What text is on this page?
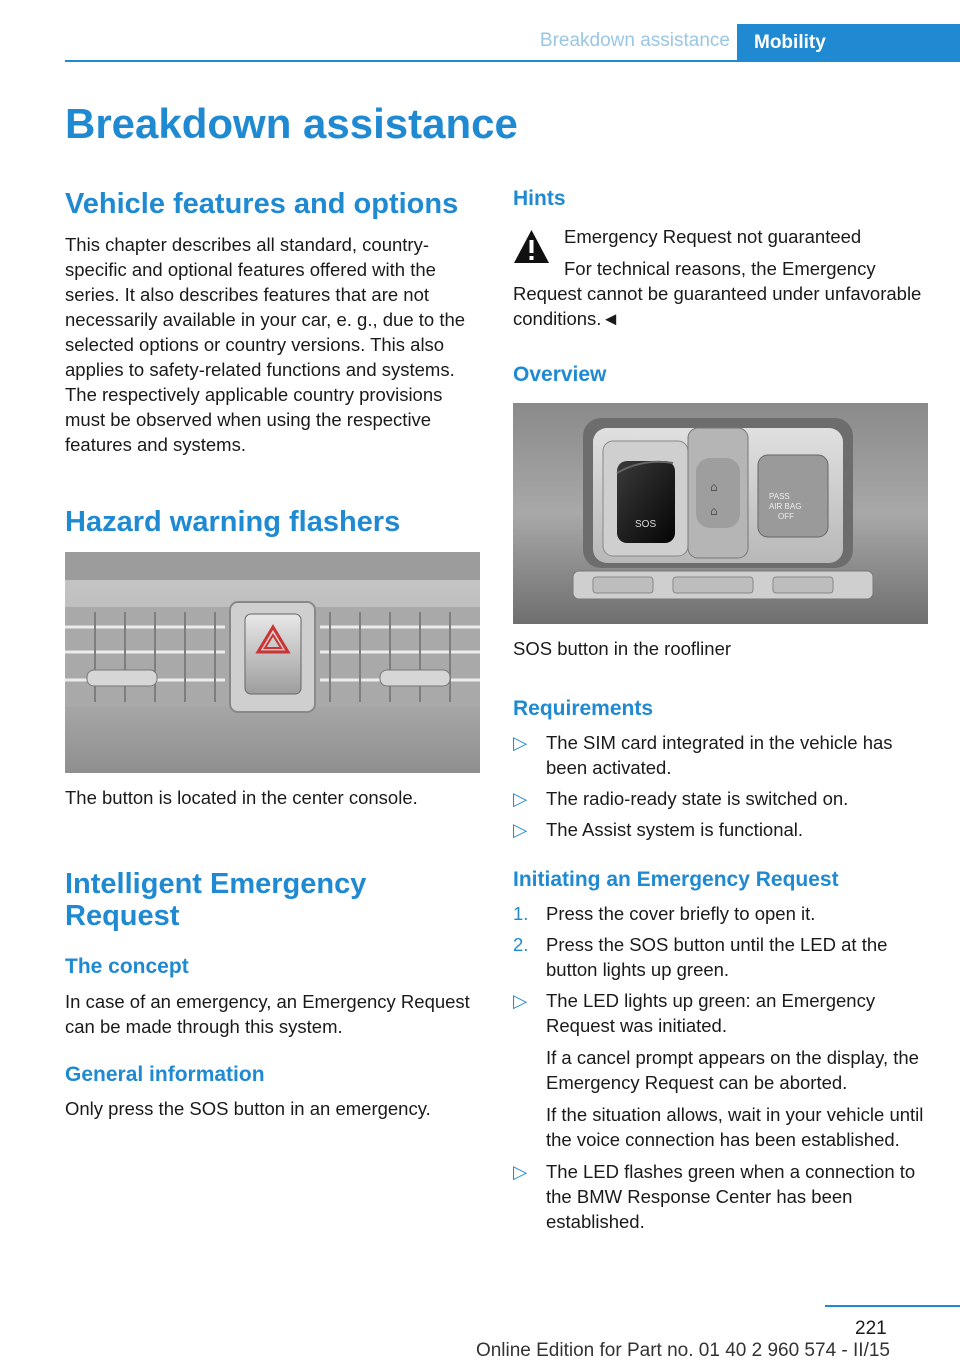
Breakdown assistance	Mobility
Breakdown assistance
Vehicle features and options

This chapter describes all standard, country-specific and optional features offered with the series. It also describes features that are not necessarily available in your car, e. g., due to the selected options or country versions. This also applies to safety-related functions and systems. The respectively applicable country provisions must be observed when using the respective features and systems.

Hazard warning flashers

The button is located in the center console.

Intelligent Emergency Request
The concept

In case of an emergency, an Emergency Request can be made through this system.

General information

Only press the SOS button in an emergency.

Hints

Emergency Request not guaranteed

For technical reasons, the Emergency Request cannot be guaranteed under unfavorable conditions.◄

Overview
SOS
⌂
⌂
PASS
AIR BAG
OFF

SOS button in the roofliner

Requirements
▷ The SIM card integrated in the vehicle has been activated.
▷ The radio-ready state is switched on.
▷ The Assist system is functional.
Initiating an Emergency Request
1. Press the cover briefly to open it.
2. Press the SOS button until the LED at the button lights up green.
▷ The LED lights up green: an Emergency Request was initiated.

If a cancel prompt appears on the display, the Emergency Request can be aborted.

If the situation allows, wait in your vehicle until the voice connection has been established.

▷ The LED flashes green when a connection to the BMW Response Center has been established.
221
Online Edition for Part no. 01 40 2 960 574 - II/15
